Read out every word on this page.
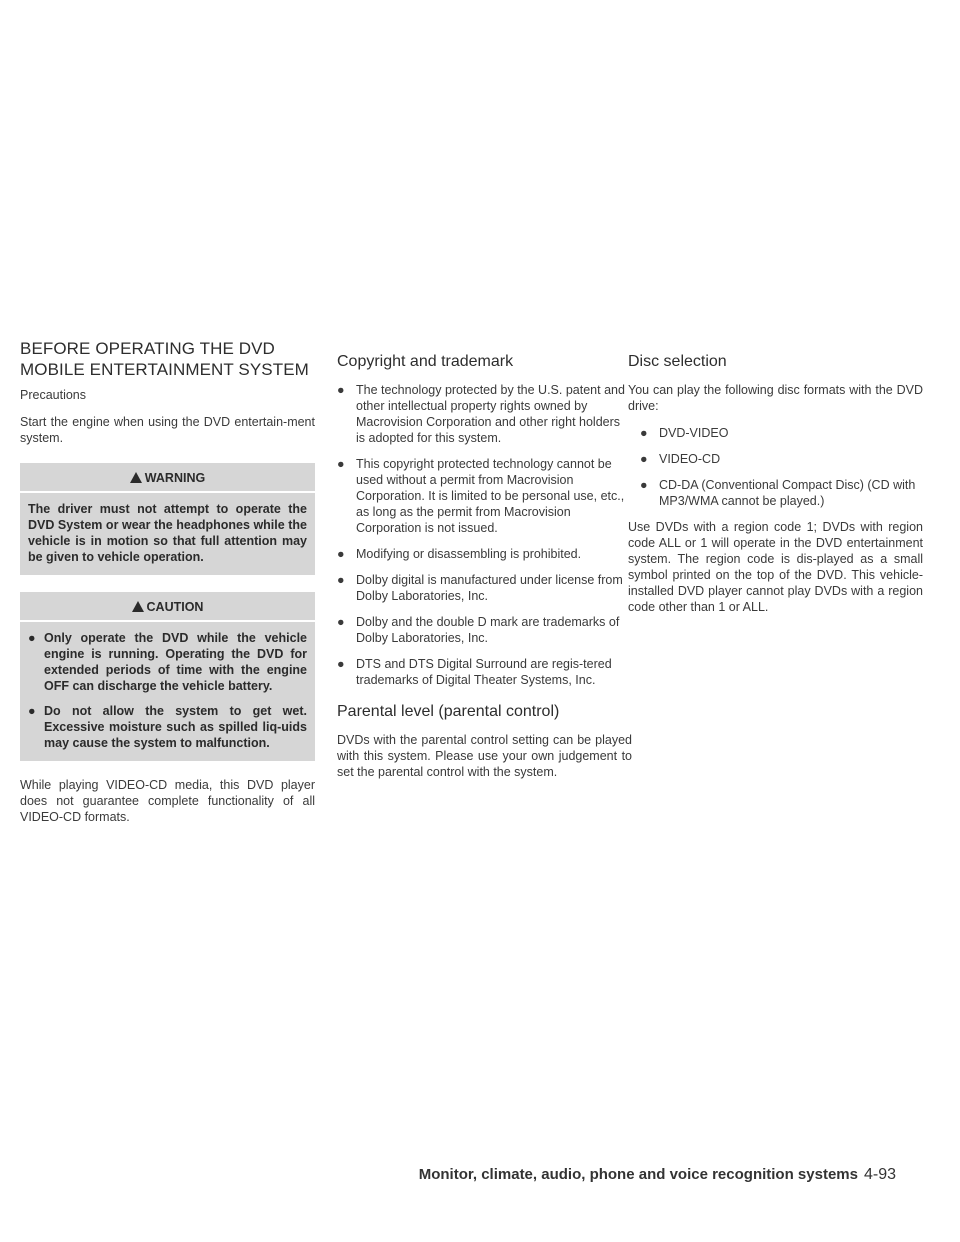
BEFORE OPERATING THE DVD MOBILE ENTERTAINMENT SYSTEM

Precautions

Start the engine when using the DVD entertain-ment system.

WARNING
The driver must not attempt to operate the DVD System or wear the headphones while the vehicle is in motion so that full attention may be given to vehicle operation.
CAUTION
● Only operate the DVD while the vehicle engine is running. Operating the DVD for extended periods of time with the engine OFF can discharge the vehicle battery.
● Do not allow the system to get wet. Excessive moisture such as spilled liq-uids may cause the system to malfunction.

While playing VIDEO-CD media, this DVD player does not guarantee complete functionality of all VIDEO-CD formats.

Copyright and trademark
● The technology protected by the U.S. patent and other intellectual property rights owned by Macrovision Corporation and other right holders is adopted for this system.
● This copyright protected technology cannot be used without a permit from Macrovision Corporation. It is limited to be personal use, etc., as long as the permit from Macrovision Corporation is not issued.
● Modifying or disassembling is prohibited.
● Dolby digital is manufactured under license from Dolby Laboratories, Inc.
● Dolby and the double D mark are trademarks of Dolby Laboratories, Inc.
● DTS and DTS Digital Surround are regis-tered trademarks of Digital Theater Systems, Inc.
Parental level (parental control)

DVDs with the parental control setting can be played with this system. Please use your own judgement to set the parental control with the system.

Disc selection

You can play the following disc formats with the DVD drive:

● DVD-VIDEO
● VIDEO-CD
● CD-DA (Conventional Compact Disc) (CD with MP3/WMA cannot be played.)

Use DVDs with a region code 1; DVDs with region code ALL or 1 will operate in the DVD entertainment system. The region code is dis-played as a small symbol printed on the top of the DVD. This vehicle-installed DVD player cannot play DVDs with a region code other than 1 or ALL.

Monitor, climate, audio, phone and voice recognition systems 4-93
